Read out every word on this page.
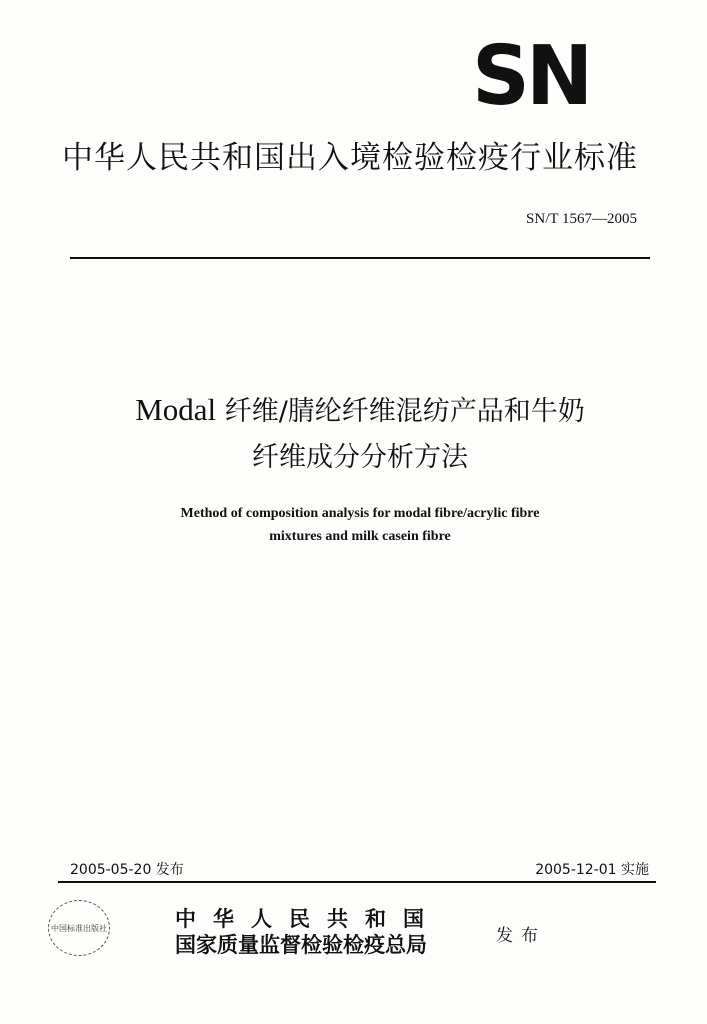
SN
中华人民共和国出入境检验检疫行业标准
SN/T 1567—2005
Modal 纤维/腈纶纤维混纺产品和牛奶
纤维成分分析方法
Method of composition analysis for modal fibre/acrylic fibre
mixtures and milk casein fibre
2005-05-20 发布	2005-12-01 实施
中国标准出版社	中华人民共和国
国家质量监督检验检疫总局	发布
